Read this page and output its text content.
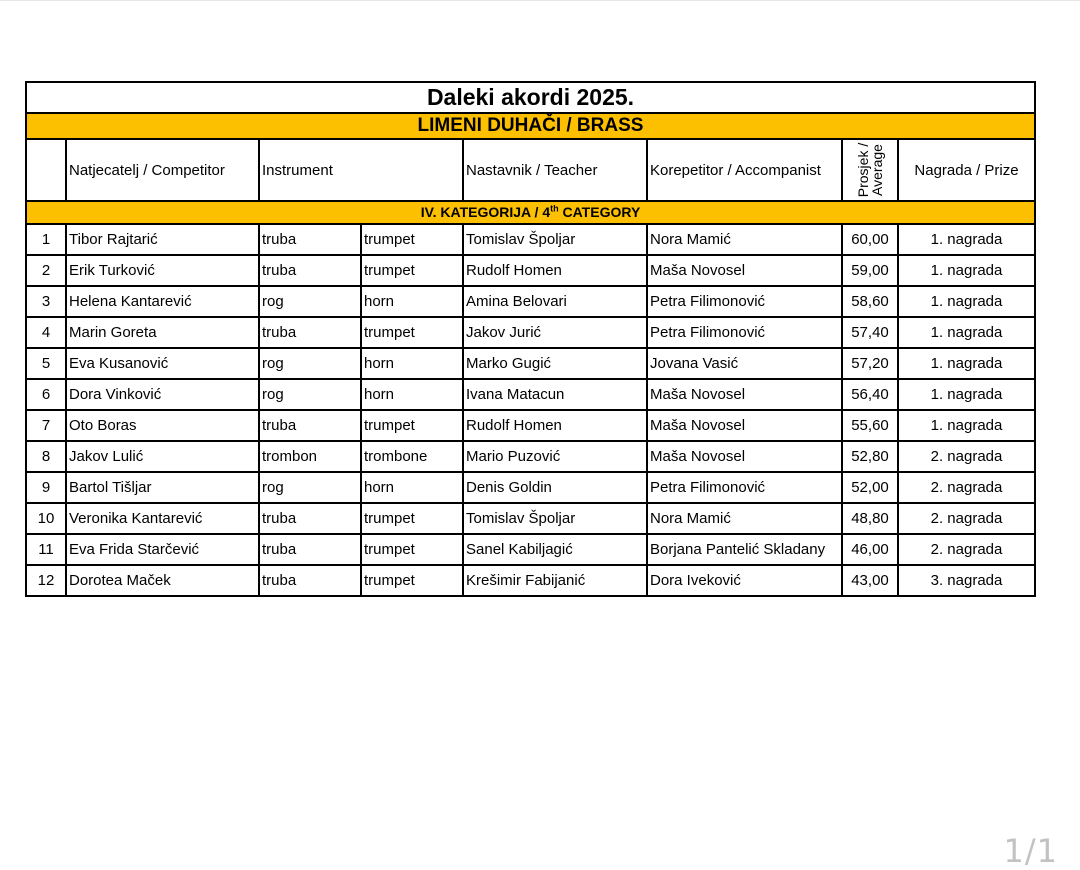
Daleki akordi 2025.							
LIMENI DUHAČI / BRASS							
	Natjecatelj / Competitor	Instrument		Nastavnik / Teacher	Korepetitor / Accompanist	Prosjek / Average	Nagrada / Prize
IV. KATEGORIJA / 4th CATEGORY							
1	Tibor Rajtarić	truba	trumpet	Tomislav Špoljar	Nora Mamić	60,00	1. nagrada
2	Erik Turković	truba	trumpet	Rudolf Homen	Maša Novosel	59,00	1. nagrada
3	Helena Kantarević	rog	horn	Amina Belovari	Petra Filimonović	58,60	1. nagrada
4	Marin Goreta	truba	trumpet	Jakov Jurić	Petra Filimonović	57,40	1. nagrada
5	Eva Kusanović	rog	horn	Marko Gugić	Jovana Vasić	57,20	1. nagrada
6	Dora Vinković	rog	horn	Ivana Matacun	Maša Novosel	56,40	1. nagrada
7	Oto Boras	truba	trumpet	Rudolf Homen	Maša Novosel	55,60	1. nagrada
8	Jakov Lulić	trombon	trombone	Mario Puzović	Maša Novosel	52,80	2. nagrada
9	Bartol Tišljar	rog	horn	Denis Goldin	Petra Filimonović	52,00	2. nagrada
10	Veronika Kantarević	truba	trumpet	Tomislav Špoljar	Nora Mamić	48,80	2. nagrada
11	Eva Frida Starčević	truba	trumpet	Sanel Kabiljagić	Borjana Pantelić Skladany	46,00	2. nagrada
12	Dorotea Maček	truba	trumpet	Krešimir Fabijanić	Dora Iveković	43,00	3. nagrada
1/1
